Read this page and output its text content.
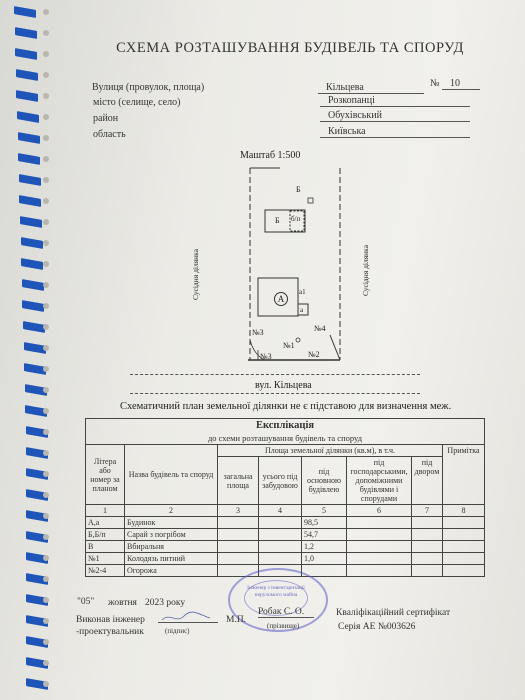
СХЕМА РОЗТАШУВАННЯ БУДІВЕЛЬ ТА СПОРУД
Вулиця (провулок, площа)	Кільцева	№	10
місто (селище, село)	Розкопанці
район	Обухівський
область	Київська
Маштаб 1:500
Б
Б б/п
А
а1
а
№3	№4
№1
№2
№3
Сусідня ділянка	Сусідня ділянка
вул. Кільцева
Схематичний план земельної ділянки не є підставою для визначення меж.
Експлікація							
до схеми розташування будівель та споруд							
Літера або номер за планом	Назва будівель та споруд	Площа земельної ділянки (кв.м), в т.ч.					Примітка
		загальна площа	усього під забудовою	під основною будівлею	під господарськими, допоміжними будівлями і спорудами	під двором	
1	2	3	4	5	6	7	8
А,а	Будинок			98,5			
Б,Б/п	Сарай з погрібом			54,7			
В	Вбиральня			1,2			
№1	Колодязь питний			1,0			
№2-4	Огорожа						
Інженер з інвентаризації нерухомого майна
"05" жовтня 2023 року
Виконав інженер
-проектувальник	(підпис)
М.П.
Робак С. О.
(прізвище)
Кваліфікаційний сертифікат
Серія АЕ №003626
